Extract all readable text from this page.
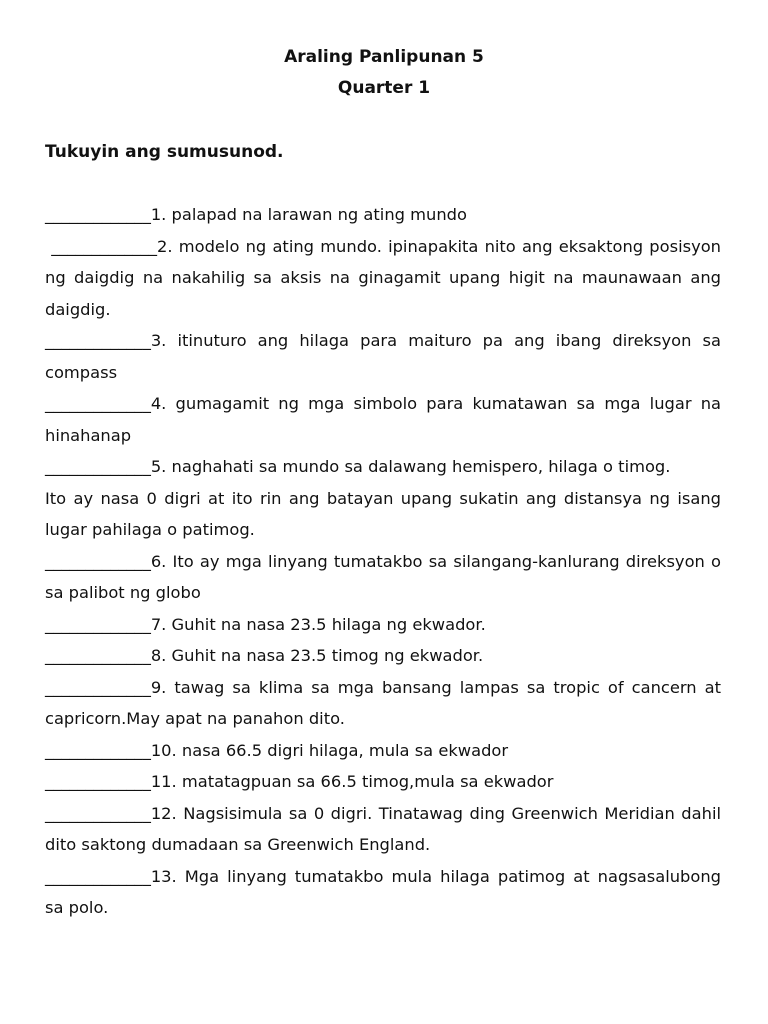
Araling Panlipunan 5
Quarter 1
Tukuyin ang sumusunod.

_____________1. palapad na larawan ng ating mundo

_____________2. modelo ng ating mundo. ipinapakita nito ang eksaktong posisyon ng daigdig na nakahilig sa aksis na ginagamit upang higit na maunawaan ang daigdig.

_____________3. itinuturo ang hilaga para maituro pa ang ibang direksyon sa compass

_____________4. gumagamit ng mga simbolo para kumatawan sa mga lugar na hinahanap

_____________5. naghahati sa mundo sa dalawang hemispero, hilaga o timog.

Ito ay nasa 0 digri at ito rin ang batayan upang sukatin ang distansya ng isang lugar pahilaga o patimog.

_____________6. Ito ay mga linyang tumatakbo sa silangang-kanlurang direksyon o sa palibot ng globo

_____________7. Guhit na nasa 23.5 hilaga ng ekwador.

_____________8. Guhit na nasa 23.5 timog ng ekwador.

_____________9. tawag sa klima sa mga bansang lampas sa tropic of cancern at capricorn.May apat na panahon dito.

_____________10. nasa 66.5 digri hilaga, mula sa ekwador

_____________11. matatagpuan sa 66.5 timog,mula sa ekwador

_____________12. Nagsisimula sa 0 digri. Tinatawag ding Greenwich Meridian dahil dito saktong dumadaan sa Greenwich England.

_____________13. Mga linyang tumatakbo mula hilaga patimog at nagsasalubong sa polo.
